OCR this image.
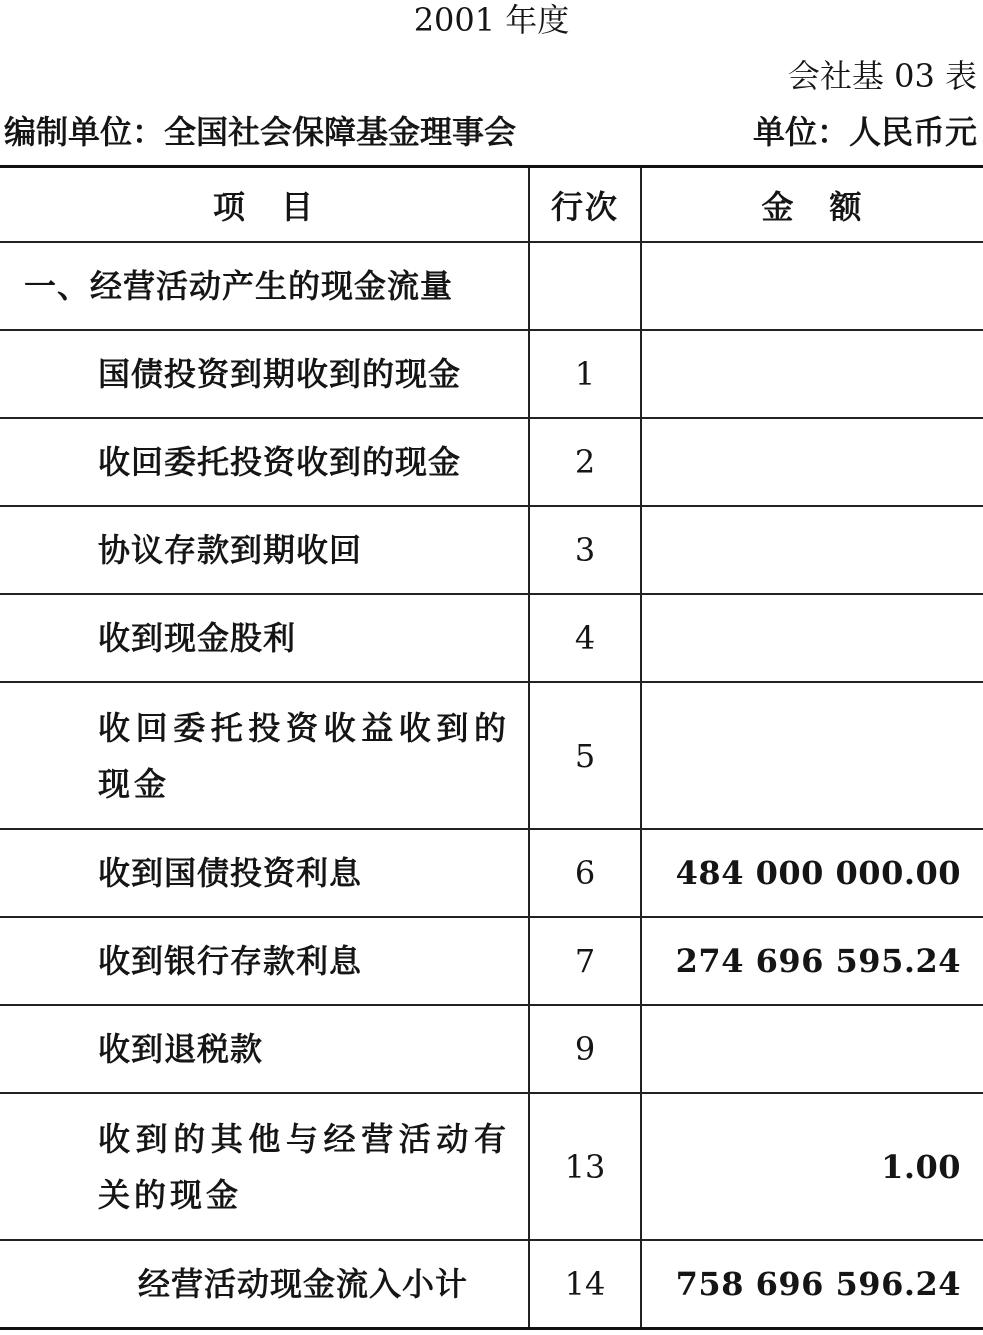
2001 年度
会社基 03 表
编制单位：全国社会保障基金理事会	单位：人民币元
项　目	行次	金　额

一、经营活动产生的现金流量		

国债投资到期收到的现金	1	

收回委托投资收到的现金	2	

协议存款到期收回	3	

收到现金股利	4	

收回委托投资收益收到的现金	5	

收到国债投资利息	6	484 000 000.00

收到银行存款利息	7	274 696 595.24

收到退税款	9	

收到的其他与经营活动有关的现金	13	1.00

经营活动现金流入小计	14	758 696 596.24
